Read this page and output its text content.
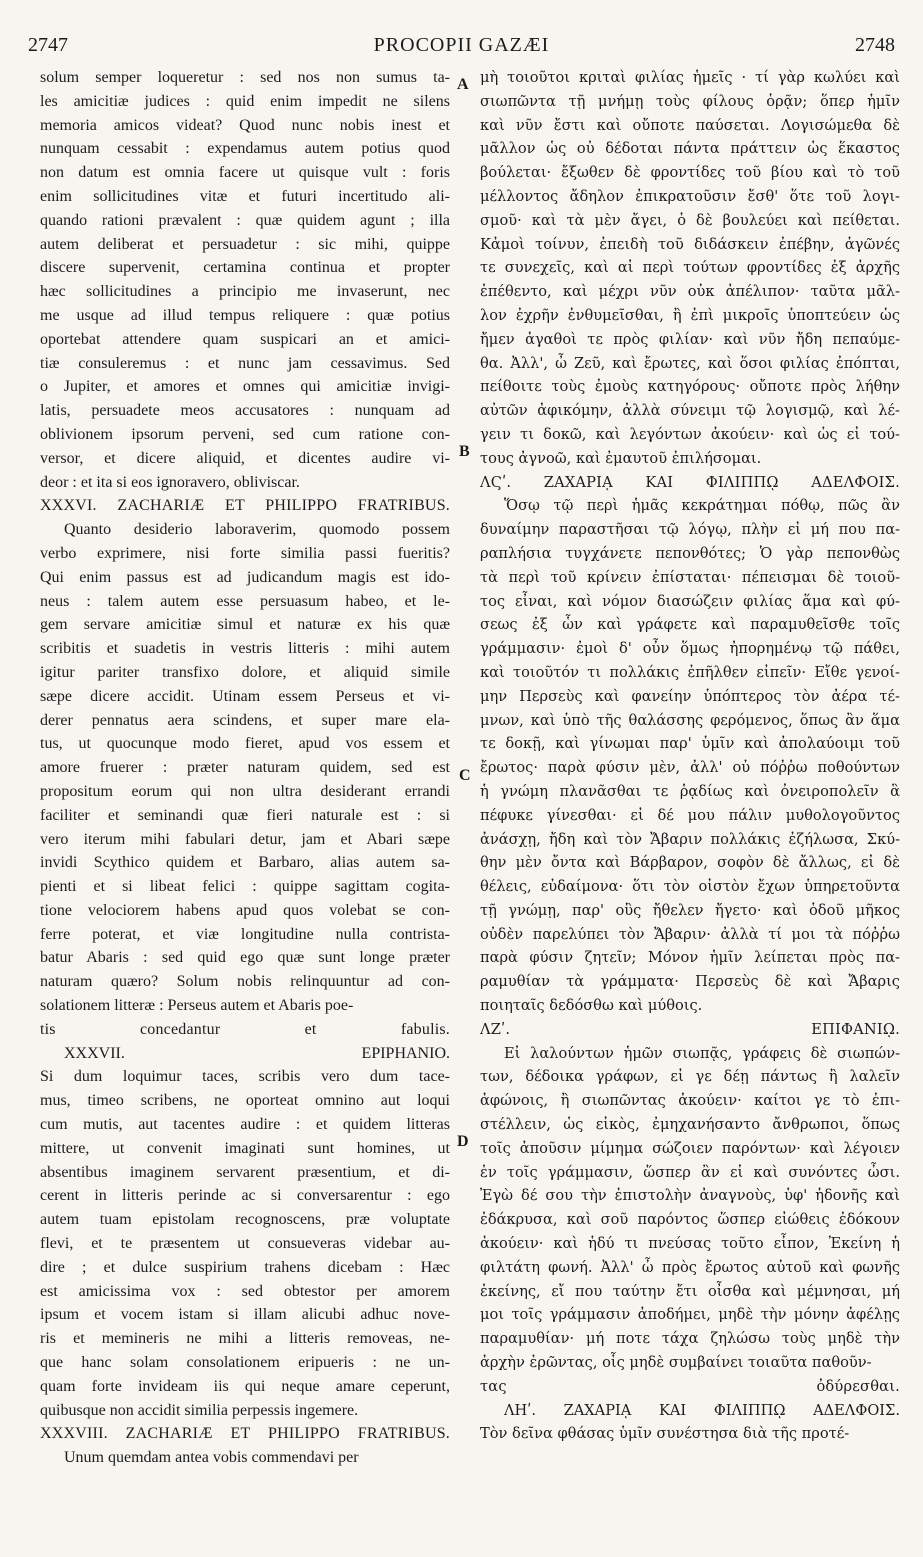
2747	PROCOPII GAZÆI	2748
solum semper loqueretur : sed nos non sumus ta-
les amicitiæ judices : quid enim impedit ne silens
memoria amicos videat? Quod nunc nobis inest et
nunquam cessabit : expendamus autem potius quod
non datum est omnia facere ut quisque vult : foris
enim sollicitudines vitæ et futuri incertitudo ali-
quando rationi prævalent : quæ quidem agunt ; illa
autem deliberat et persuadetur : sic mihi, quippe
discere supervenit, certamina continua et propter
hæc sollicitudines a principio me invaserunt, nec
me usque ad illud tempus reliquere : quæ potius
oportebat attendere quam suspicari an et amici-
tiæ consuleremus : et nunc jam cessavimus. Sed
o Jupiter, et amores et omnes qui amicitiæ invigi-
latis, persuadete meos accusatores : nunquam ad
oblivionem ipsorum perveni, sed cum ratione con-
versor, et dicere aliquid, et dicentes audire vi-
deor : et ita si eos ignoravero, obliviscar.
XXXVI. ZACHARIÆ ET PHILIPPO FRATRIBUS.
Quanto desiderio laboraverim, quomodo possem
verbo exprimere, nisi forte similia passi fueritis?
Qui enim passus est ad judicandum magis est ido-
neus : talem autem esse persuasum habeo, et le-
gem servare amicitiæ simul et naturæ ex his quæ
scribitis et suadetis in vestris litteris : mihi autem
igitur pariter transfixo dolore, et aliquid simile
sæpe dicere accidit. Utinam essem Perseus et vi-
derer pennatus aera scindens, et super mare ela-
tus, ut quocunque modo fieret, apud vos essem et
amore fruerer : præter naturam quidem, sed est
propositum eorum qui non ultra desiderant errandi
faciliter et seminandi quæ fieri naturale est : si
vero iterum mihi fabulari detur, jam et Abari sæpe
invidi Scythico quidem et Barbaro, alias autem sa-
pienti et si libeat felici : quippe sagittam cogita-
tione velociorem habens apud quos volebat se con-
ferre poterat, et viæ longitudine nulla contrista-
batur Abaris : sed quid ego quæ sunt longe præter
naturam quæro? Solum nobis relinquuntur ad con-
solationem litteræ : Perseus autem et Abaris poe-
tis concedantur et fabulis.
XXXVII. EPIPHANIO.
Si dum loquimur taces, scribis vero dum tace-
mus, timeo scribens, ne oporteat omnino aut loqui
cum mutis, aut tacentes audire : et quidem litteras
mittere, ut convenit imaginati sunt homines, ut
absentibus imaginem servarent præsentium, et di-
cerent in litteris perinde ac si conversarentur : ego
autem tuam epistolam recognoscens, præ voluptate
flevi, et te præsentem ut consueveras videbar au-
dire ; et dulce suspirium trahens dicebam : Hæc
est amicissima vox : sed obtestor per amorem
ipsum et vocem istam si illam alicubi adhuc nove-
ris et memineris ne mihi a litteris removeas, ne-
que hanc solam consolationem eripueris : ne un-
quam forte invideam iis qui neque amare ceperunt,
quibusque non accidit similia perpessis ingemere.
XXXVIII. ZACHARIÆ ET PHILIPPO FRATRIBUS.
Unum quemdam antea vobis commendavi per
μὴ τοιοῦτοι κριταὶ φιλίας ἡμεῖς · τί γὰρ κωλύει καὶ
σιωπῶντα τῇ μνήμῃ τοὺς φίλους ὁρᾷν; ὅπερ ἡμῖν
καὶ νῦν ἔστι καὶ οὔποτε παύσεται. Λογισώμεθα δὲ
μᾶλλον ὡς οὐ δέδοται πάντα πράττειν ὡς ἕκαστος
βούλεται· ἔξωθεν δὲ φροντίδες τοῦ βίου καὶ τὸ τοῦ
μέλλοντος ἄδηλον ἐπικρατοῦσιν ἔσθ' ὅτε τοῦ λογι-
σμοῦ· καὶ τὰ μὲν ἄγει, ὁ δὲ βουλεύει καὶ πείθεται.
Κἀμοὶ τοίνυν, ἐπειδὴ τοῦ διδάσκειν ἐπέβην, ἀγῶνές
τε συνεχεῖς, καὶ αἱ περὶ τούτων φροντίδες ἐξ ἀρχῆς
ἐπέθεντο, καὶ μέχρι νῦν οὐκ ἀπέλιπον· ταῦτα μᾶλ-
λον ἐχρῆν ἐνθυμεῖσθαι, ἢ ἐπὶ μικροῖς ὑποπτεύειν ὡς
ἤμεν ἀγαθοὶ τε πρὸς φιλίαν· καὶ νῦν ἤδη πεπαύμε-
θα. Ἀλλ', ὦ Ζεῦ, καὶ ἔρωτες, καὶ ὅσοι φιλίας ἐπόπται,
πείθοιτε τοὺς ἐμοὺς κατηγόρους· οὔποτε πρὸς λήθην
αὐτῶν ἀφικόμην, ἀλλὰ σύνειμι τῷ λογισμῷ, καὶ λέ-
γειν τι δοκῶ, καὶ λεγόντων ἀκούειν· καὶ ὡς εἰ τού-
τους ἀγνοῶ, καὶ ἐμαυτοῦ ἐπιλήσομαι.
ΛϚʹ. ΖΑΧΑΡΙᾼ ΚΑΙ ΦΙΛΙΠΠῼ ΑΔΕΛΦΟΙΣ.
Ὅσῳ τῷ περὶ ἡμᾶς κεκράτημαι πόθῳ, πῶς ἂν
δυναίμην παραστῆσαι τῷ λόγῳ, πλὴν εἰ μή που πα-
ραπλήσια τυγχάνετε πεπονθότες; Ὁ γὰρ πεπονθὼς
τὰ περὶ τοῦ κρίνειν ἐπίσταται· πέπεισμαι δὲ τοιοῦ-
τος εἶναι, καὶ νόμον διασώζειν φιλίας ἅμα καὶ φύ-
σεως ἐξ ὧν καὶ γράφετε καὶ παραμυθεῖσθε τοῖς
γράμμασιν· ἐμοὶ δ' οὖν ὅμως ἠπορημένῳ τῷ πάθει,
καὶ τοιοῦτόν τι πολλάκις ἐπῆλθεν εἰπεῖν· Εἴθε γενοί-
μην Περσεὺς καὶ φανείην ὑπόπτερος τὸν ἀέρα τέ-
μνων, καὶ ὑπὸ τῆς θαλάσσης φερόμενος, ὅπως ἂν ἅμα
τε δοκῇ, καὶ γίνωμαι παρ' ὑμῖν καὶ ἀπολαύοιμι τοῦ
ἔρωτος· παρὰ φύσιν μὲν, ἀλλ' οὐ πόῤῥω ποθούντων
ἡ γνώμη πλανᾶσθαι τε ῥᾳδίως καὶ ὀνειροπολεῖν ἃ
πέφυκε γίνεσθαι· εἰ δέ μου πάλιν μυθολογοῦντος
ἀνάσχῃ, ἤδη καὶ τὸν Ἄβαριν πολλάκις ἐζήλωσα, Σκύ-
θην μὲν ὄντα καὶ Βάρβαρον, σοφὸν δὲ ἄλλως, εἰ δὲ
θέλεις, εὐδαίμονα· ὅτι τὸν οἰστὸν ἔχων ὑπηρετοῦντα
τῇ γνώμῃ, παρ' οὓς ἤθελεν ἤγετο· καὶ ὁδοῦ μῆκος
οὐδὲν παρελύπει τὸν Ἄβαριν· ἀλλὰ τί μοι τὰ πόῤῥω
παρὰ φύσιν ζητεῖν; Μόνον ἡμῖν λείπεται πρὸς πα-
ραμυθίαν τὰ γράμματα· Περσεὺς δὲ καὶ Ἄβαρις
ποιηταῖς δεδόσθω καὶ μύθοις.
ΛΖʹ. ΕΠΙΦΑΝΙῼ.
Εἰ λαλούντων ἡμῶν σιωπᾷς, γράφεις δὲ σιωπών-
των, δέδοικα γράφων, εἰ γε δέῃ πάντως ἢ λαλεῖν
ἀφώνοις, ἢ σιωπῶντας ἀκούειν· καίτοι γε τὸ ἐπι-
στέλλειν, ὡς εἰκὸς, ἐμηχανήσαντο ἄνθρωποι, ὅπως
τοῖς ἀποῦσιν μίμημα σώζοιεν παρόντων· καὶ λέγοιεν
ἐν τοῖς γράμμασιν, ὥσπερ ἂν εἰ καὶ συνόντες ὦσι.
Ἐγὼ δέ σου τὴν ἐπιστολὴν ἀναγνοὺς, ὑφ' ἡδονῆς καὶ
ἐδάκρυσα, καὶ σοῦ παρόντος ὥσπερ εἰώθεις ἐδόκουν
ἀκούειν· καὶ ἡδύ τι πνεύσας τοῦτο εἶπον, Ἐκείνη ἡ
φιλτάτη φωνή. Ἀλλ' ὦ πρὸς ἔρωτος αὐτοῦ καὶ φωνῆς
ἐκείνης, εἴ που ταύτην ἔτι οἶσθα καὶ μέμνησαι, μή
μοι τοῖς γράμμασιν ἀποδήμει, μηδὲ τὴν μόνην ἀφέλῃς
παραμυθίαν· μή ποτε τάχα ζηλώσω τοὺς μηδὲ τὴν
ἀρχὴν ἐρῶντας, οἷς μηδὲ συμβαίνει τοιαῦτα παθοῦν-
τας ὀδύρεσθαι.
ΛΗʹ. ΖΑΧΑΡΙᾼ ΚΑΙ ΦΙΛΙΠΠῼ ΑΔΕΛΦΟΙΣ.
Τὸν δεῖνα φθάσας ὑμῖν συνέστησα διὰ τῆς προτέ-
A
B
C
D
